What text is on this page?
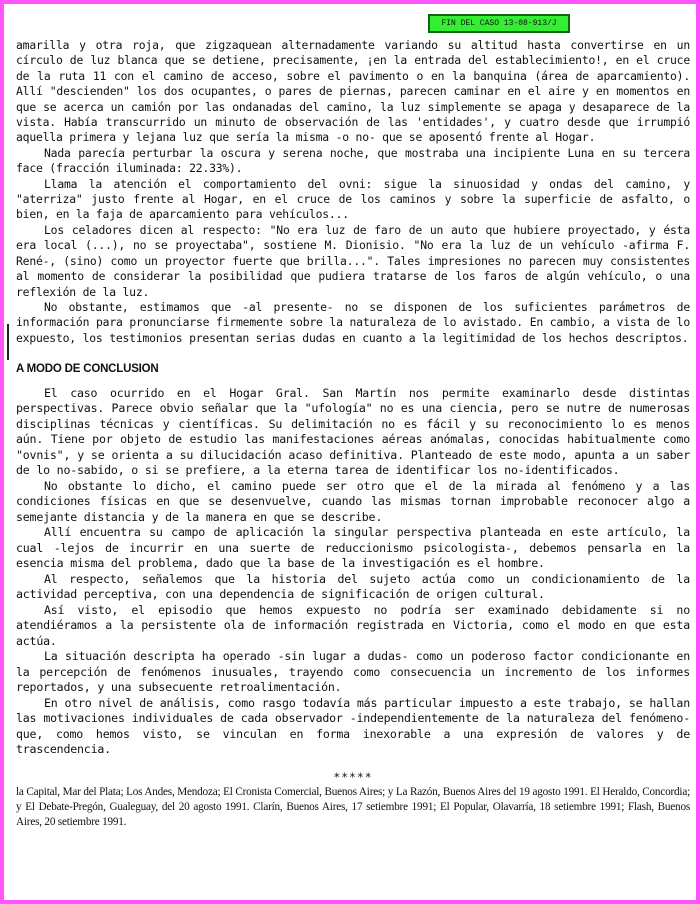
FIN DEL CASO 13-08-913/J

amarilla y otra roja, que zigzaquean alternadamente variando su altitud hasta convertirse en un círculo de luz blanca que se detiene, precisamente, ¡en la entrada del establecimiento!, en el cruce de la ruta 11 con el camino de acceso, sobre el pavimento o en la banquina (área de aparcamiento). Allí "descienden" los dos ocupantes, o pares de piernas, parecen caminar en el aire y en momentos en que se acerca un camión por las ondanadas del camino, la luz simplemente se apaga y desaparece de la vista. Había transcurrido un minuto de observación de las 'entidades', y cuatro desde que irrumpió aquella primera y lejana luz que sería la misma -o no- que se aposentó frente al Hogar.

Nada parecía perturbar la oscura y serena noche, que mostraba una incipiente Luna en su tercera face (fracción iluminada: 22.33%).

Llama la atención el comportamiento del ovni: sigue la sinuosidad y ondas del camino, y "aterriza" justo frente al Hogar, en el cruce de los caminos y sobre la superficie de asfalto, o bien, en la faja de aparcamiento para vehículos...

Los celadores dicen al respecto: "No era luz de faro de un auto que hubiere proyectado, y ésta era local (...), no se proyectaba", sostiene M. Dionisio. "No era la luz de un vehículo -afirma F. René-, (sino) como un proyector fuerte que brilla...". Tales impresiones no parecen muy consistentes al momento de considerar la posibilidad que pudiera tratarse de los faros de algún vehículo, o una reflexión de la luz.

No obstante, estimamos que -al presente- no se disponen de los suficientes parámetros de información para pronunciarse firmemente sobre la naturaleza de lo avistado. En cambio, a vista de lo expuesto, los testimonios presentan serias dudas en cuanto a la legitimidad de los hechos descriptos.

A MODO DE CONCLUSION

El caso ocurrido en el Hogar Gral. San Martín nos permite examinarlo desde distintas perspectivas. Parece obvio señalar que la "ufología" no es una ciencia, pero se nutre de numerosas disciplinas técnicas y científicas. Su delimitación no es fácil y su reconocimiento lo es menos aún. Tiene por objeto de estudio las manifestaciones aéreas anómalas, conocidas habitualmente como "ovnis", y se orienta a su dilucidación acaso definitiva. Planteado de este modo, apunta a un saber de lo no-sabido, o si se prefiere, a la eterna tarea de identificar los no-identificados.

No obstante lo dicho, el camino puede ser otro que el de la mirada al fenómeno y a las condiciones físicas en que se desenvuelve, cuando las mismas tornan improbable reconocer algo a semejante distancia y de la manera en que se describe.

Allí encuentra su campo de aplicación la singular perspectiva planteada en este artículo, la cual -lejos de incurrir en una suerte de reduccionismo psicologista-, debemos pensarla en la esencia misma del problema, dado que la base de la investigación es el hombre.

Al respecto, señalemos que la historia del sujeto actúa como un condicionamiento de la actividad perceptiva, con una dependencia de significación de origen cultural.

Así visto, el episodio que hemos expuesto no podría ser examinado debidamente si no atendiéramos a la persistente ola de información registrada en Victoria, como el modo en que esta actúa.

La situación descripta ha operado -sin lugar a dudas- como un poderoso factor condicionante en la percepción de fenómenos inusuales, trayendo como consecuencia un incremento de los informes reportados, y una subsecuente retroalimentación.

En otro nivel de análisis, como rasgo todavía más particular impuesto a este trabajo, se hallan las motivaciones individuales de cada observador -independientemente de la naturaleza del fenómeno- que, como hemos visto, se vinculan en forma inexorable a una expresión de valores y de trascendencia.

*****

la Capital, Mar del Plata; Los Andes, Mendoza; El Cronista Comercial, Buenos Aires; y La Razón, Buenos Aires del 19 agosto 1991. El Heraldo, Concordia; y El Debate-Pregón, Gualeguay, del 20 agosto 1991. Clarín, Buenos Aires, 17 setiembre 1991; El Popular, Olavarría, 18 setiembre 1991; Flash, Buenos Aires, 20 setiembre 1991.
